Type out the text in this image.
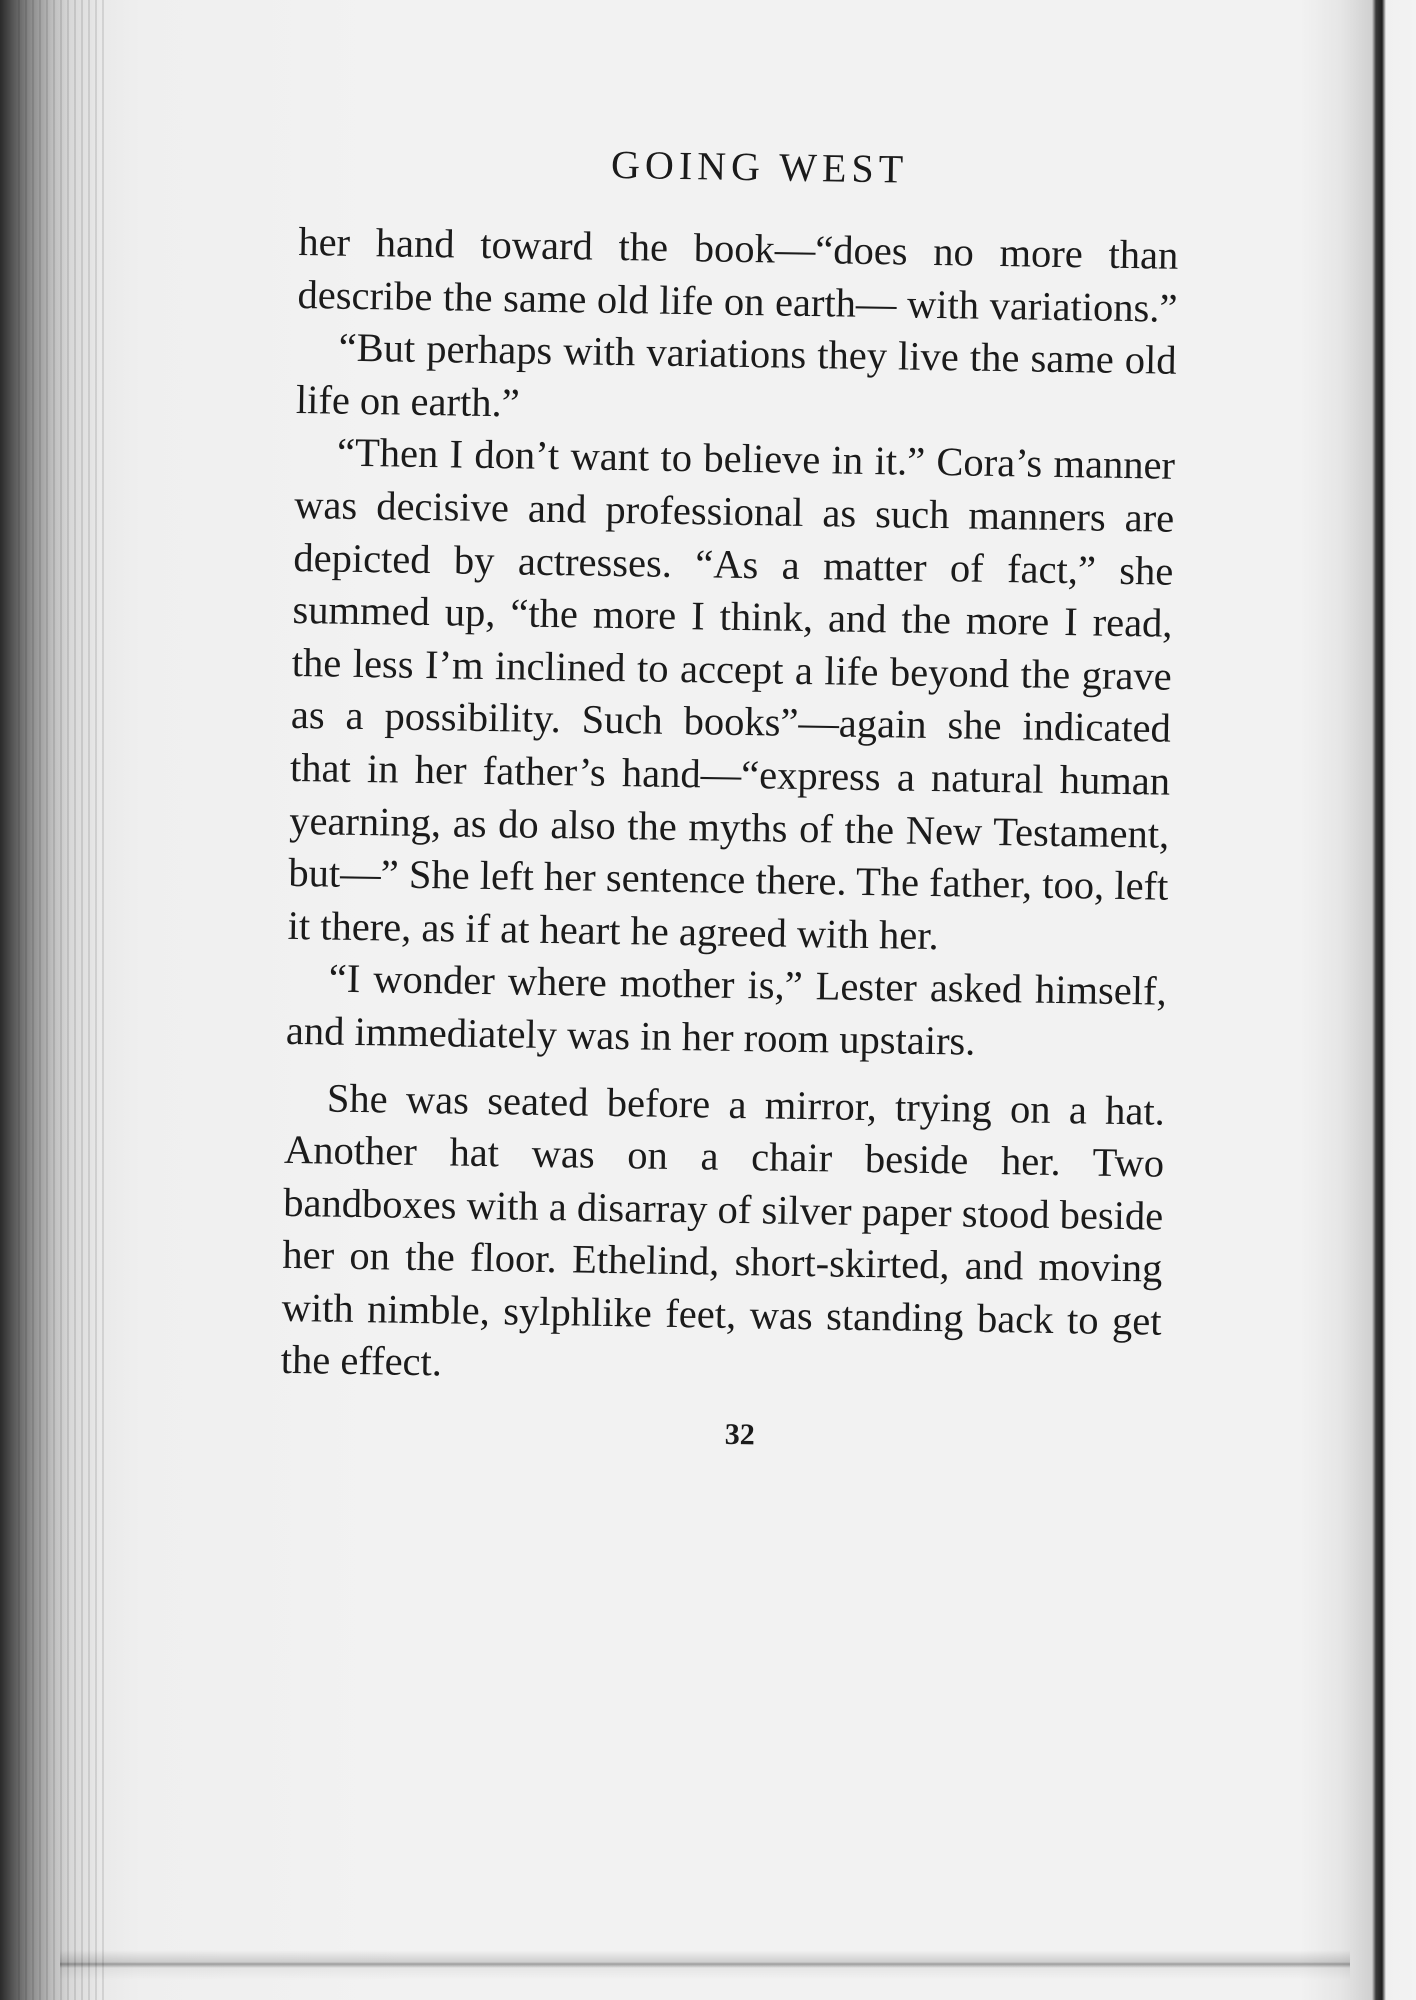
GOING WEST

her hand toward the book—“does no more than describe the same old life on earth— with variations.”

“But perhaps with variations they live the same old life on earth.”

“Then I don’t want to believe in it.” Cora’s manner was decisive and professional as such manners are depicted by actresses. “As a matter of fact,” she summed up, “the more I think, and the more I read, the less I’m inclined to accept a life beyond the grave as a possibility. Such books”—again she indicated that in her father’s hand—“express a natural human yearning, as do also the myths of the New Testament, but—” She left her sentence there. The father, too, left it there, as if at heart he agreed with her.

“I wonder where mother is,” Lester asked himself, and immediately was in her room upstairs.

She was seated before a mirror, trying on a hat. Another hat was on a chair beside her. Two bandboxes with a disarray of silver paper stood beside her on the floor. Ethelind, short-skirted, and moving with nimble, sylphlike feet, was standing back to get the effect.

32
